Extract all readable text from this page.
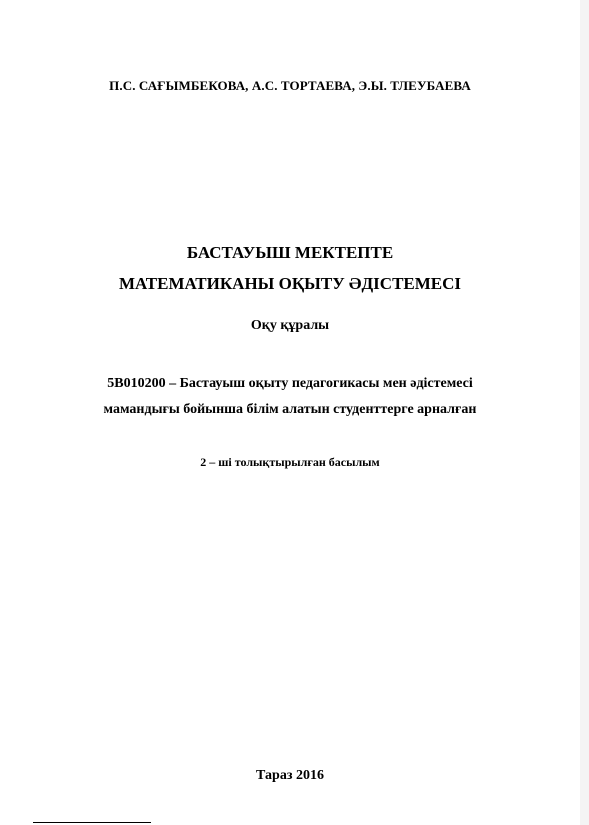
П.С. САҒЫМБЕКОВА, А.С. ТОРТАЕВА, Э.Ы. ТЛЕУБАЕВА
БАСТАУЫШ МЕКТЕПТЕ
МАТЕМАТИКАНЫ ОҚЫТУ ӘДІСТЕМЕСІ
Оқу құралы
5В010200 – Бастауыш оқыту педагогикасы мен әдістемесі
мамандығы бойынша білім алатын студенттерге арналған
2 – ші толықтырылған басылым
Тараз 2016
